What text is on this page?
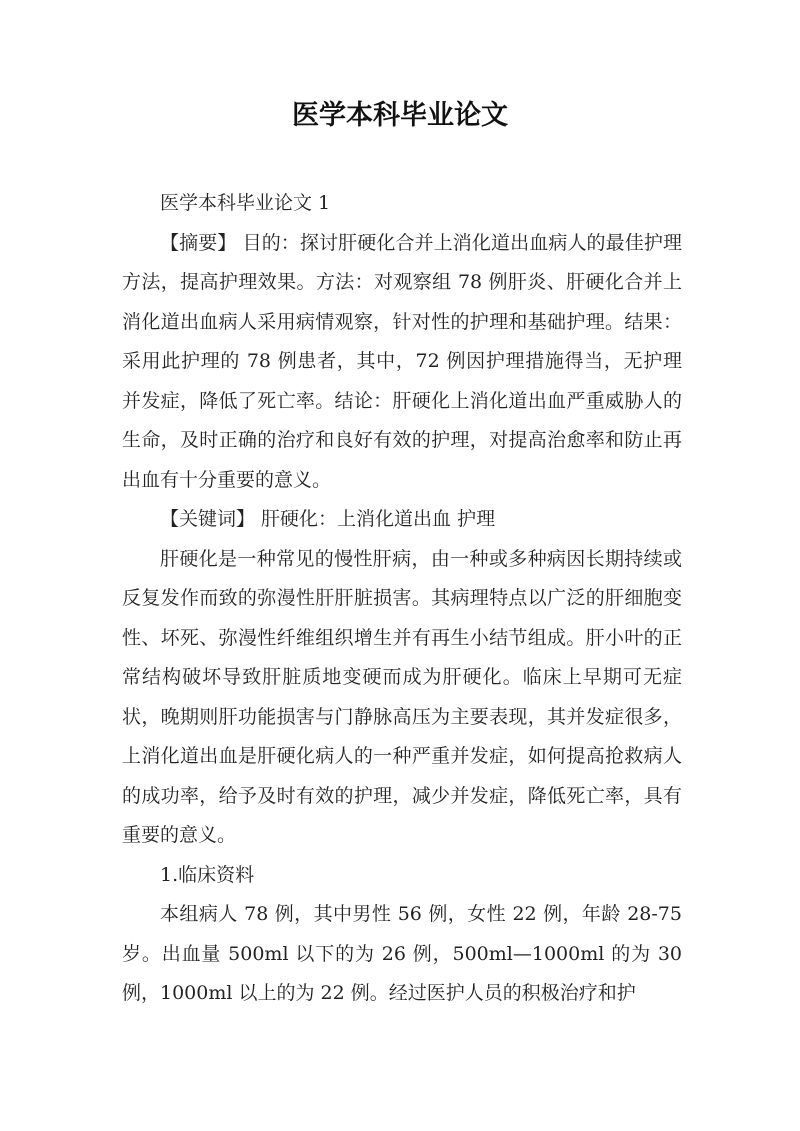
医学本科毕业论文

医学本科毕业论文 1

【摘要】 目的：探讨肝硬化合并上消化道出血病人的最佳护理方法，提高护理效果。方法：对观察组 78 例肝炎、肝硬化合并上消化道出血病人采用病情观察，针对性的护理和基础护理。结果：采用此护理的 78 例患者，其中，72 例因护理措施得当，无护理并发症，降低了死亡率。结论：肝硬化上消化道出血严重威胁人的生命，及时正确的治疗和良好有效的护理，对提高治愈率和防止再出血有十分重要的意义。

【关键词】 肝硬化：上消化道出血 护理

肝硬化是一种常见的慢性肝病，由一种或多种病因长期持续或反复发作而致的弥漫性肝肝脏损害。其病理特点以广泛的肝细胞变性、坏死、弥漫性纤维组织增生并有再生小结节组成。肝小叶的正常结构破坏导致肝脏质地变硬而成为肝硬化。临床上早期可无症状，晚期则肝功能损害与门静脉高压为主要表现，其并发症很多，上消化道出血是肝硬化病人的一种严重并发症，如何提高抢救病人的成功率，给予及时有效的护理，减少并发症，降低死亡率，具有重要的意义。

1.临床资料

本组病人 78 例，其中男性 56 例，女性 22 例，年龄 28-75 岁。出血量 500ml 以下的为 26 例，500ml—1000ml 的为 30 例，1000ml 以上的为 22 例。经过医护人员的积极治疗和护
